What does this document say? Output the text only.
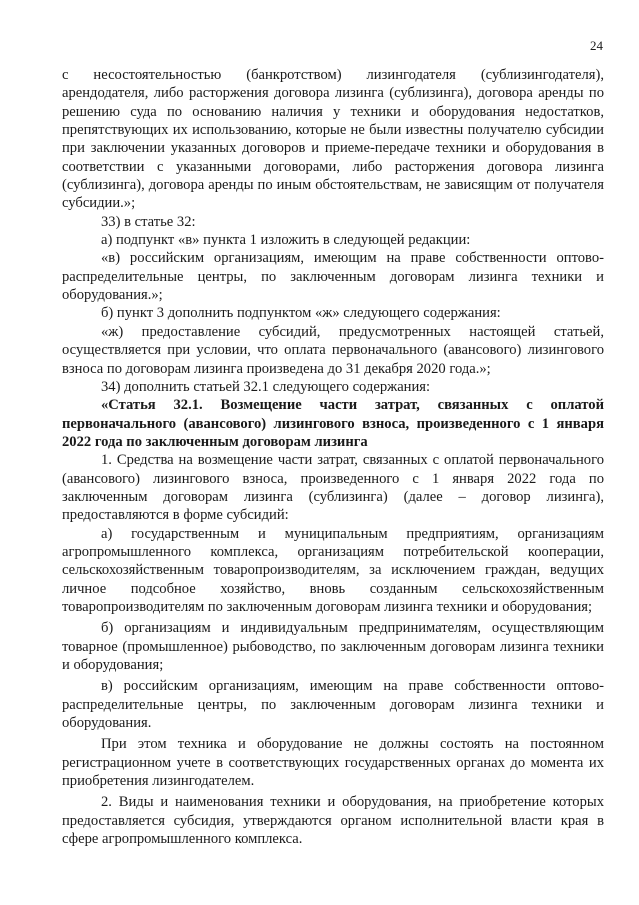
24

с несостоятельностью (банкротством) лизингодателя (сублизингодателя), арендодателя, либо расторжения договора лизинга (сублизинга), договора аренды по решению суда по основанию наличия у техники и оборудования недостатков, препятствующих их использованию, которые не были известны получателю субсидии при заключении указанных договоров и приеме-передаче техники и оборудования в соответствии с указанными договорами, либо расторжения договора лизинга (сублизинга), договора аренды по иным обстоятельствам, не зависящим от получателя субсидии.»;

33) в статье 32:

а) подпункт «в» пункта 1 изложить в следующей редакции:

«в) российским организациям, имеющим на праве собственности оптово-распределительные центры, по заключенным договорам лизинга техники и оборудования.»;

б) пункт 3 дополнить подпунктом «ж» следующего содержания:

«ж) предоставление субсидий, предусмотренных настоящей статьей, осуществляется при условии, что оплата первоначального (авансового) лизингового взноса по договорам лизинга произведена до 31 декабря 2020 года.»;

34) дополнить статьей 32.1 следующего содержания:

«Статья 32.1. Возмещение части затрат, связанных с оплатой первоначального (авансового) лизингового взноса, произведенного с 1 января 2022 года по заключенным договорам лизинга

1. Средства на возмещение части затрат, связанных с оплатой первоначального (авансового) лизингового взноса, произведенного с 1 января 2022 года по заключенным договорам лизинга (сублизинга) (далее – договор лизинга), предоставляются в форме субсидий:

а) государственным и муниципальным предприятиям, организациям агропромышленного комплекса, организациям потребительской кооперации, сельскохозяйственным товаропроизводителям, за исключением граждан, ведущих личное подсобное хозяйство, вновь созданным сельскохозяйственным товаропроизводителям по заключенным договорам лизинга техники и оборудования;

б) организациям и индивидуальным предпринимателям, осуществляющим товарное (промышленное) рыбоводство, по заключенным договорам лизинга техники и оборудования;

в) российским организациям, имеющим на праве собственности оптово-распределительные центры, по заключенным договорам лизинга техники и оборудования.

При этом техника и оборудование не должны состоять на постоянном регистрационном учете в соответствующих государственных органах до момента их приобретения лизингодателем.

2. Виды и наименования техники и оборудования, на приобретение которых предоставляется субсидия, утверждаются органом исполнительной власти края в сфере агропромышленного комплекса.
